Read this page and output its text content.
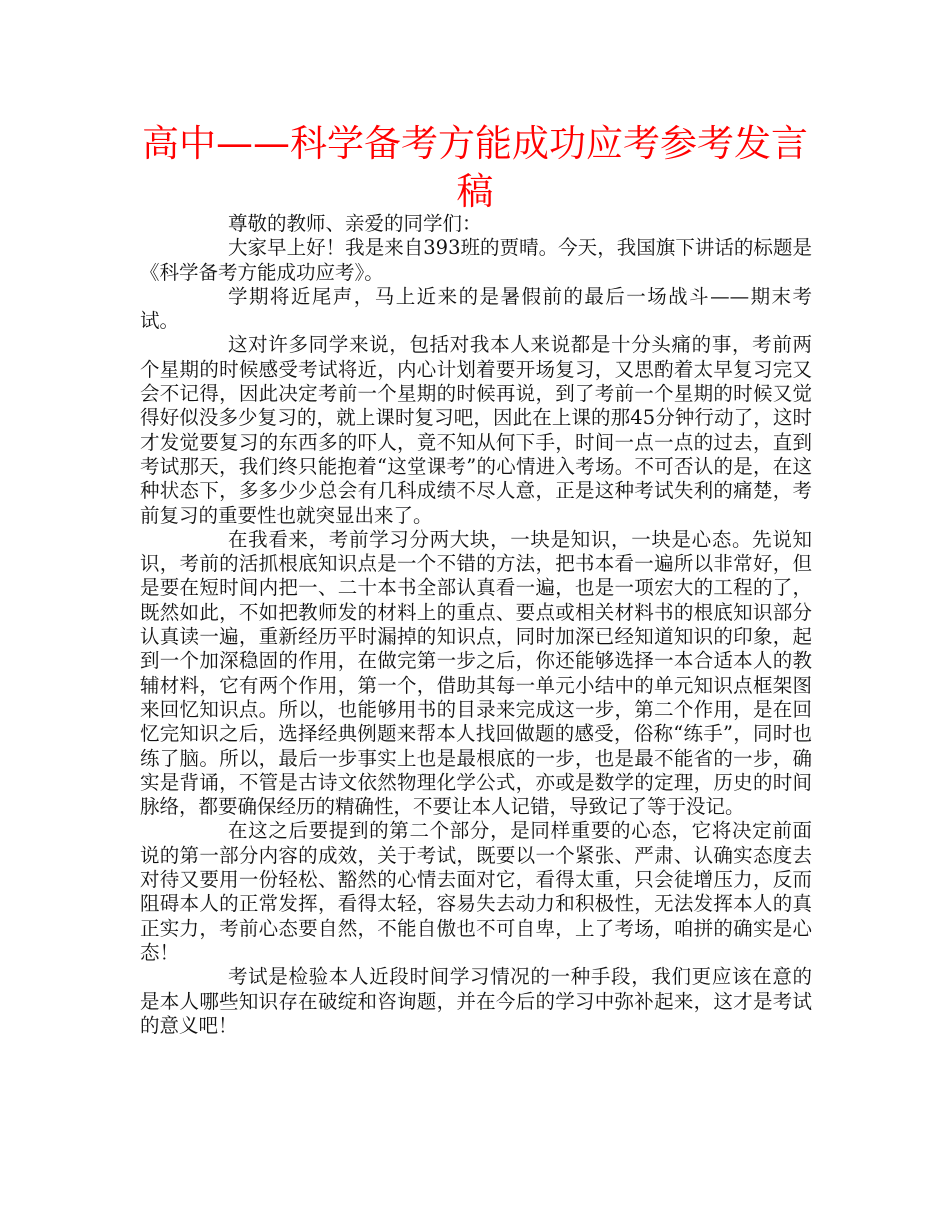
高中——科学备考方能成功应考参考发言稿

尊敬的教师、亲爱的同学们：

大家早上好！我是来自393班的贾晴。今天，我国旗下讲话的标题是《科学备考方能成功应考》。

学期将近尾声，马上近来的是暑假前的最后一场战斗——期末考试。

这对许多同学来说，包括对我本人来说都是十分头痛的事，考前两个星期的时候感受考试将近，内心计划着要开场复习，又思酌着太早复习完又会不记得，因此决定考前一个星期的时候再说，到了考前一个星期的时候又觉得好似没多少复习的，就上课时复习吧，因此在上课的那45分钟行动了，这时才发觉要复习的东西多的吓人，竟不知从何下手，时间一点一点的过去，直到考试那天，我们终只能抱着“这堂课考”的心情进入考场。不可否认的是，在这种状态下，多多少少总会有几科成绩不尽人意，正是这种考试失利的痛楚，考前复习的重要性也就突显出来了。

在我看来，考前学习分两大块，一块是知识，一块是心态。先说知识，考前的活抓根底知识点是一个不错的方法，把书本看一遍所以非常好，但是要在短时间内把一、二十本书全部认真看一遍，也是一项宏大的工程的了，既然如此，不如把教师发的材料上的重点、要点或相关材料书的根底知识部分认真读一遍，重新经历平时漏掉的知识点，同时加深已经知道知识的印象，起到一个加深稳固的作用，在做完第一步之后，你还能够选择一本合适本人的教辅材料，它有两个作用，第一个，借助其每一单元小结中的单元知识点框架图来回忆知识点。所以，也能够用书的目录来完成这一步，第二个作用，是在回忆完知识之后，选择经典例题来帮本人找回做题的感受，俗称“练手”，同时也练了脑。所以，最后一步事实上也是最根底的一步，也是最不能省的一步，确实是背诵，不管是古诗文依然物理化学公式，亦或是数学的定理，历史的时间脉络，都要确保经历的精确性，不要让本人记错，导致记了等于没记。

在这之后要提到的第二个部分，是同样重要的心态，它将决定前面说的第一部分内容的成效，关于考试，既要以一个紧张、严肃、认确实态度去对待又要用一份轻松、豁然的心情去面对它，看得太重，只会徒增压力，反而阻碍本人的正常发挥，看得太轻，容易失去动力和积极性，无法发挥本人的真正实力，考前心态要自然，不能自傲也不可自卑，上了考场，咱拼的确实是心态！

考试是检验本人近段时间学习情况的一种手段，我们更应该在意的是本人哪些知识存在破绽和咨询题，并在今后的学习中弥补起来，这才是考试的意义吧！
